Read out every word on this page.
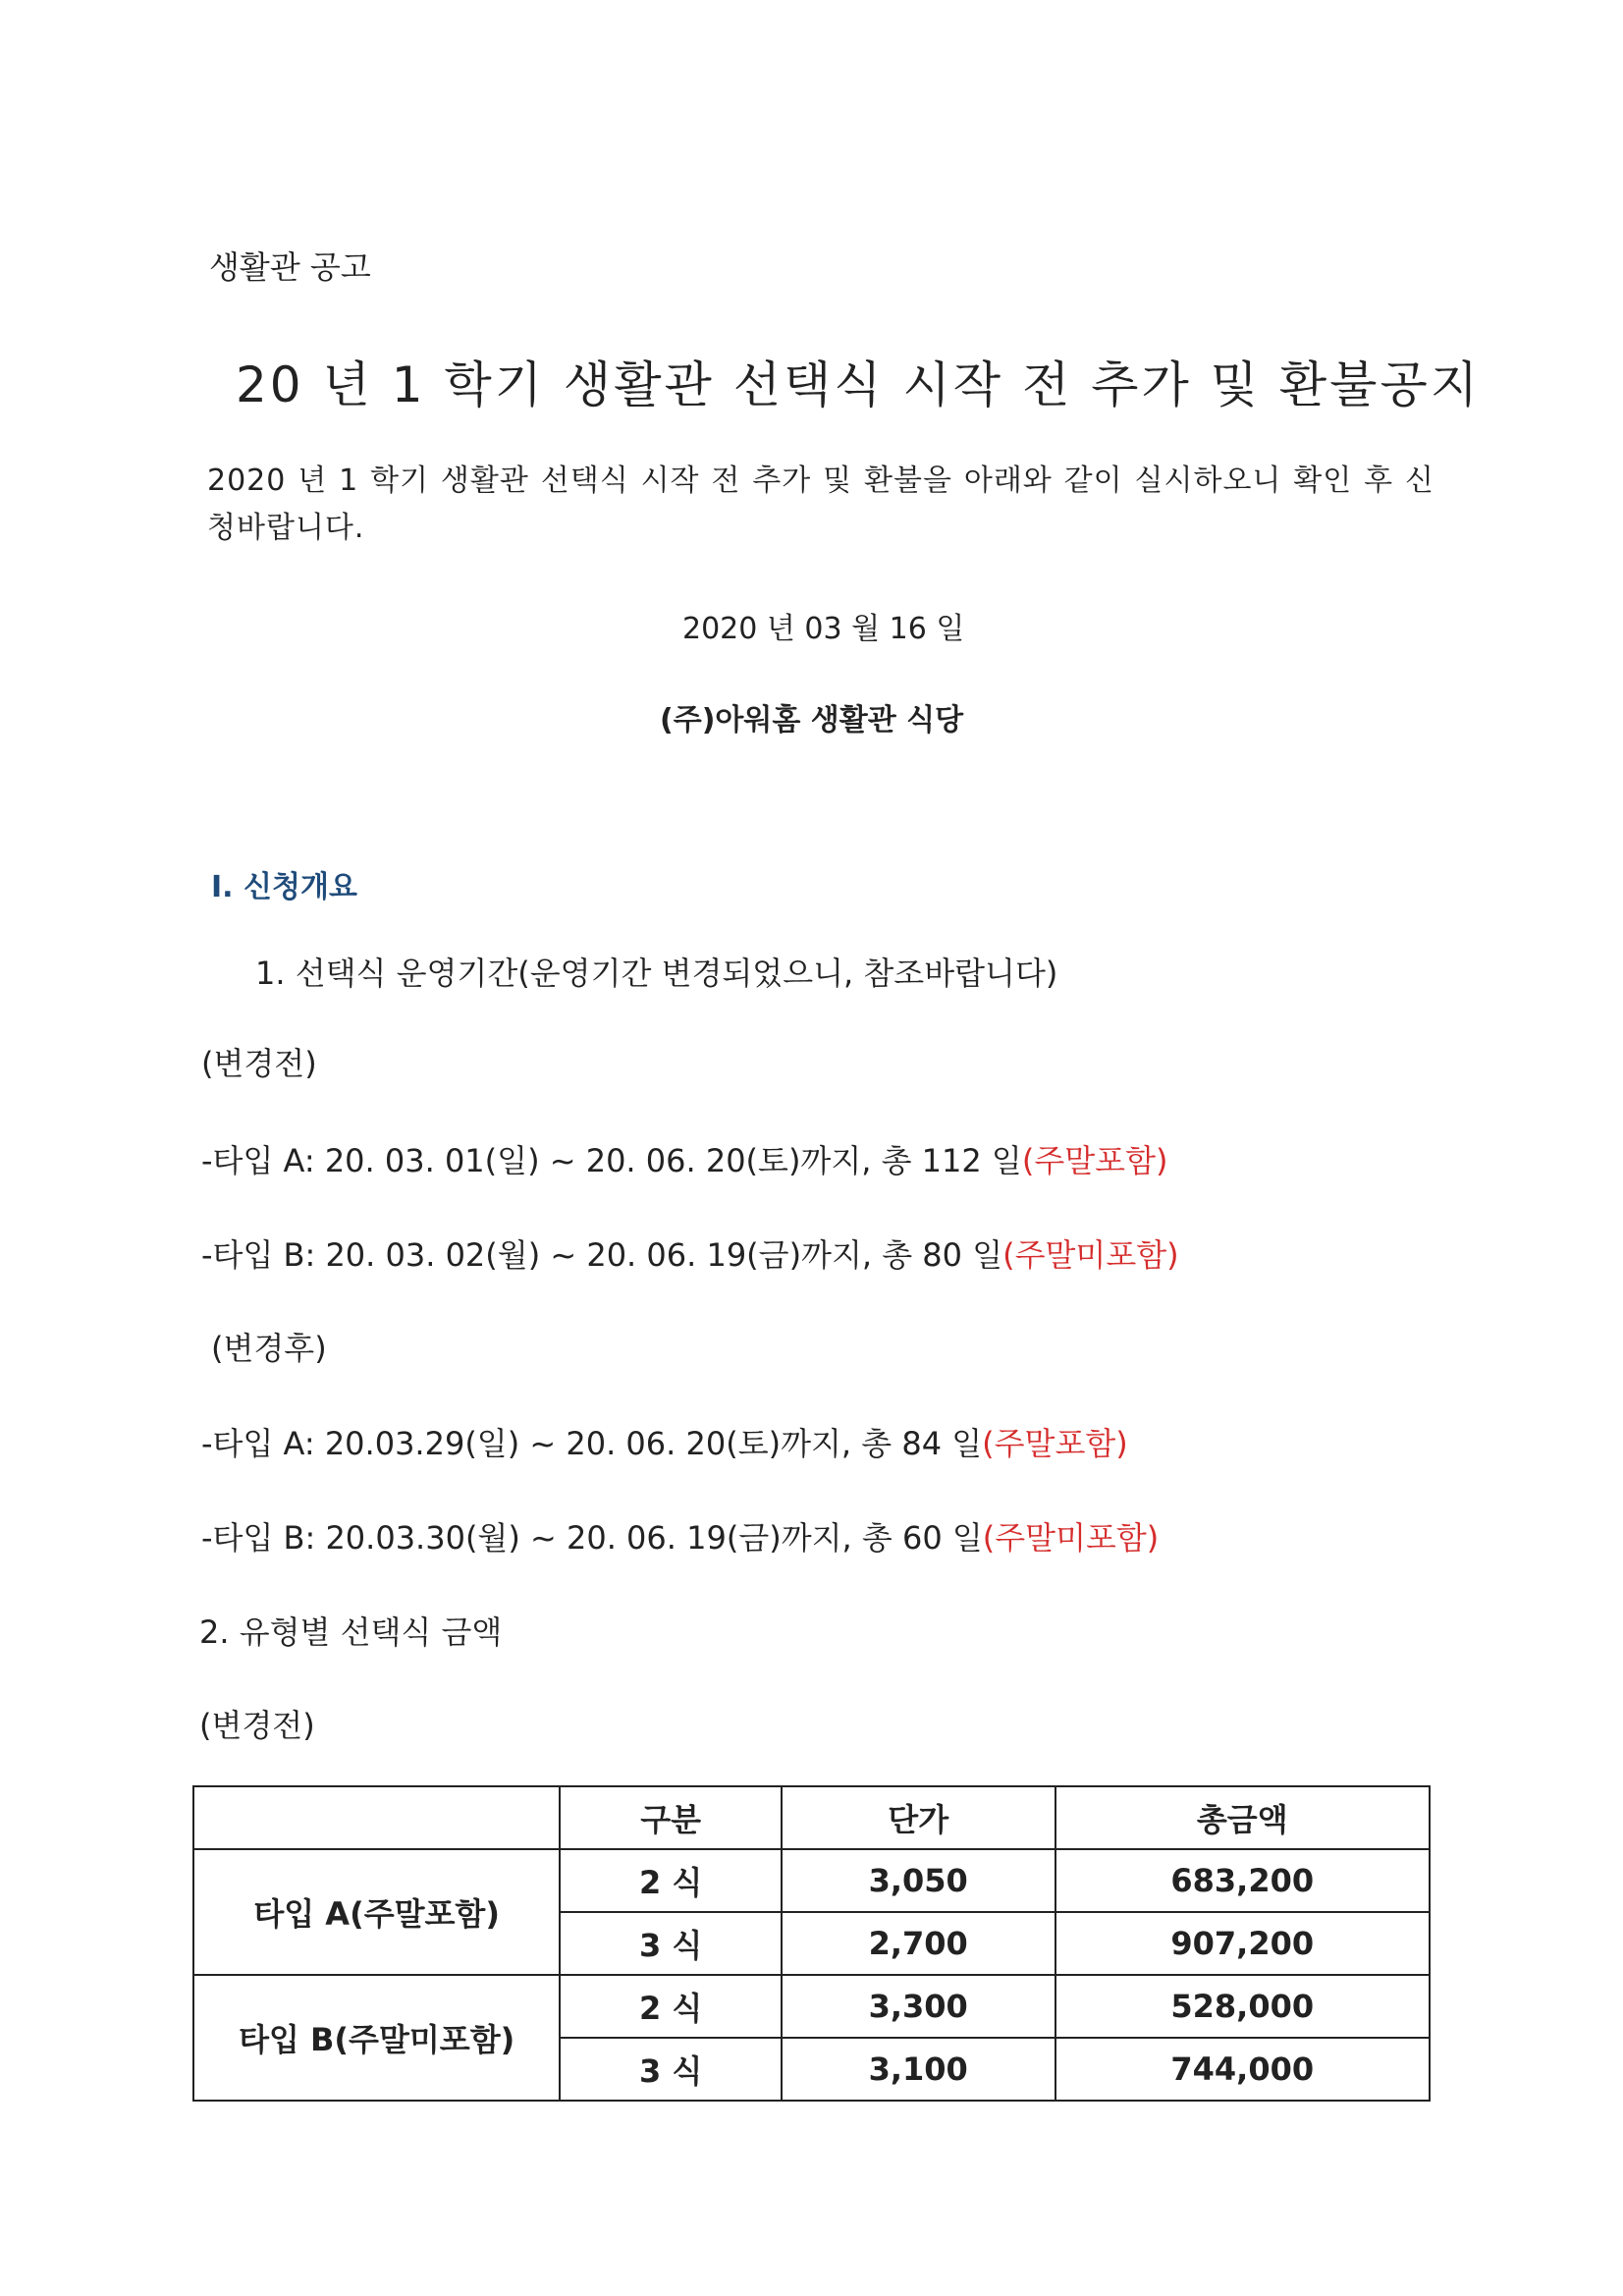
생활관 공고
20 년 1 학기 생활관 선택식 시작 전 추가 및 환불공지
2020 년 1 학기 생활관 선택식 시작 전 추가 및 환불을 아래와 같이 실시하오니 확인 후 신청바랍니다.
2020 년 03 월 16 일
(주)아워홈 생활관 식당
Ⅰ. 신청개요
1. 선택식 운영기간(운영기간 변경되었으니, 참조바랍니다)
(변경전)
-타입 A: 20. 03. 01(일) ~ 20. 06. 20(토)까지, 총 112 일(주말포함)
-타입 B: 20. 03. 02(월) ~ 20. 06. 19(금)까지, 총 80 일(주말미포함)
(변경후)
-타입 A: 20.03.29(일) ~ 20. 06. 20(토)까지, 총 84 일(주말포함)
-타입 B: 20.03.30(월) ~ 20. 06. 19(금)까지, 총 60 일(주말미포함)
2. 유형별 선택식 금액
(변경전)
	구분	단가	총금액
타입 A(주말포함)	2 식	3,050	683,200
	3 식	2,700	907,200
타입 B(주말미포함)	2 식	3,300	528,000
	3 식	3,100	744,000
